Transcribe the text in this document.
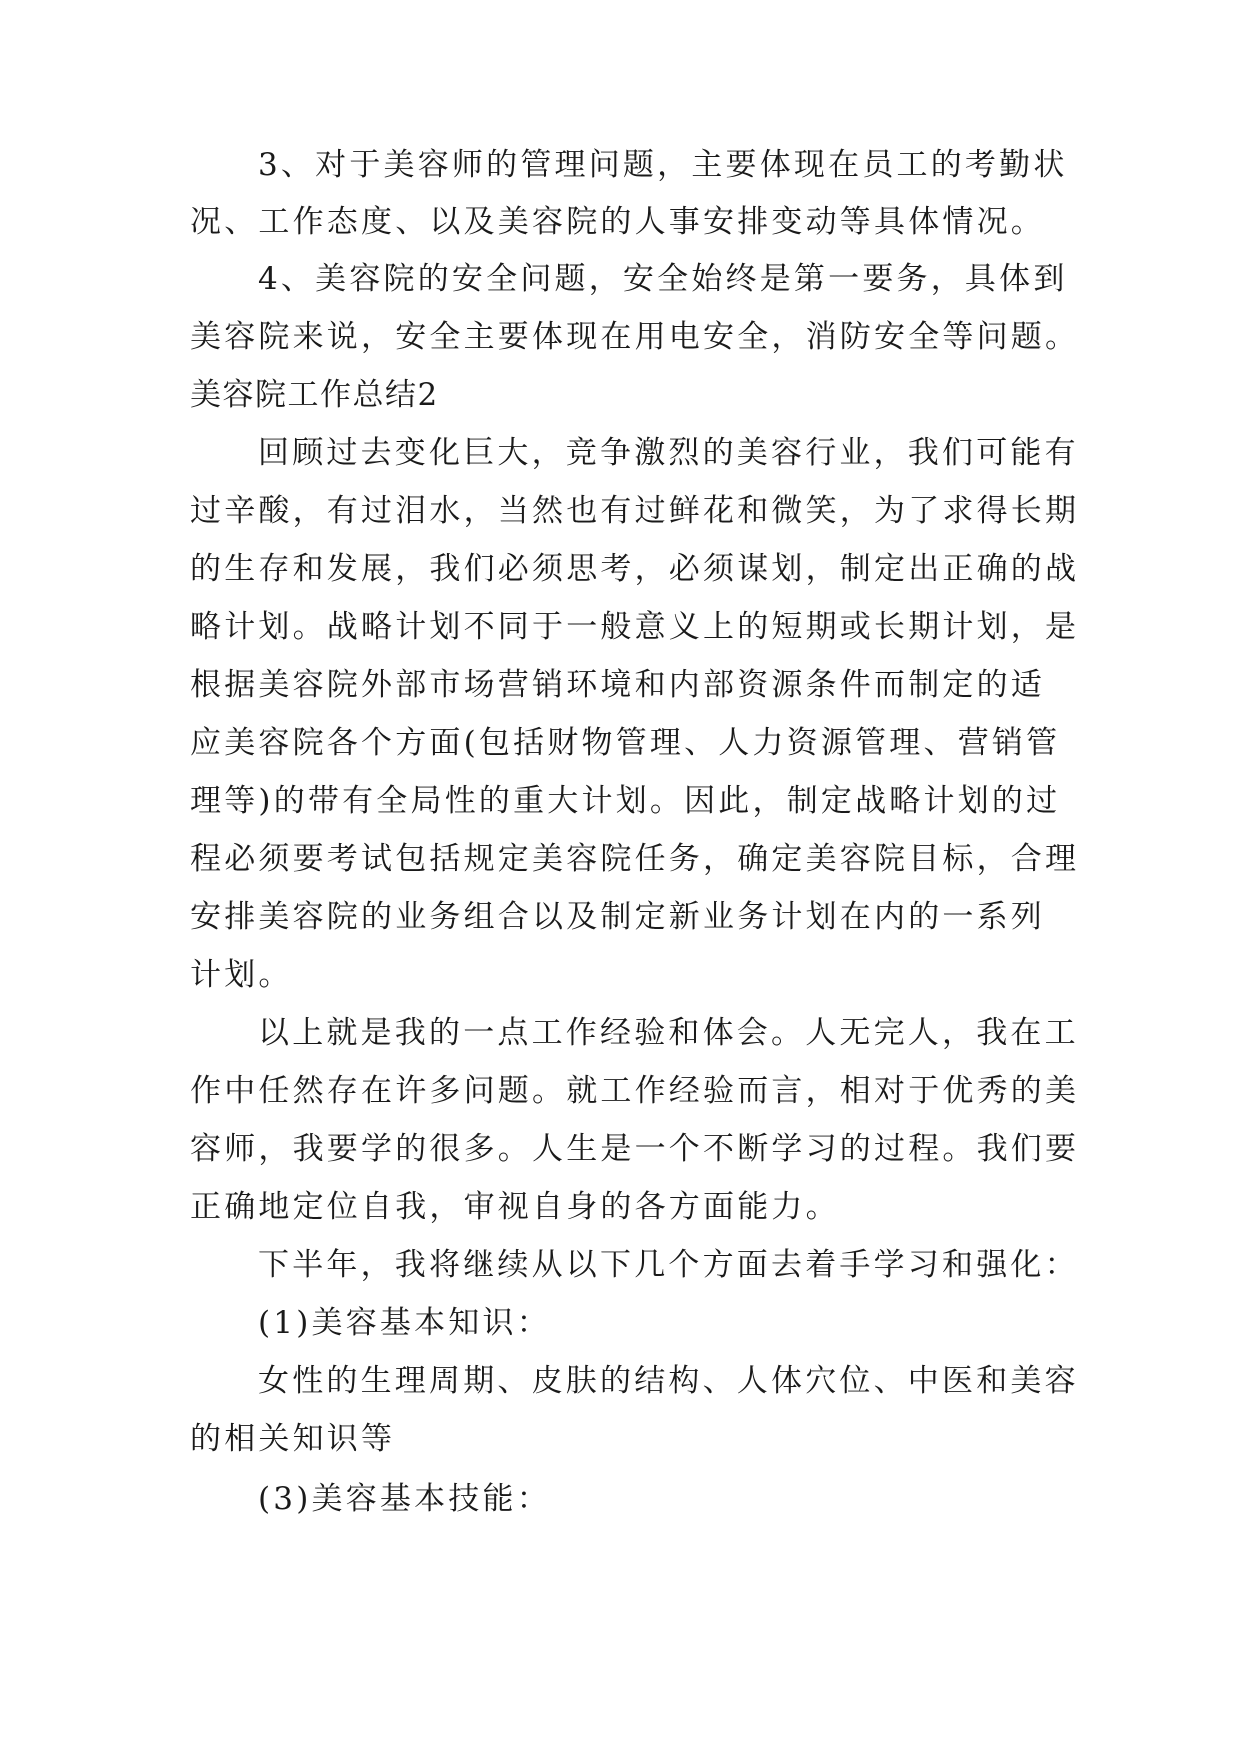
3、对于美容师的管理问题，主要体现在员工的考勤状
况、工作态度、以及美容院的人事安排变动等具体情况。
4、美容院的安全问题，安全始终是第一要务，具体到
美容院来说，安全主要体现在用电安全，消防安全等问题。
美容院工作总结2
回顾过去变化巨大，竞争激烈的美容行业，我们可能有
过辛酸，有过泪水，当然也有过鲜花和微笑，为了求得长期
的生存和发展，我们必须思考，必须谋划，制定出正确的战
略计划。战略计划不同于一般意义上的短期或长期计划，是
根据美容院外部市场营销环境和内部资源条件而制定的适
应美容院各个方面(包括财物管理、人力资源管理、营销管
理等)的带有全局性的重大计划。因此，制定战略计划的过
程必须要考试包括规定美容院任务，确定美容院目标，合理
安排美容院的业务组合以及制定新业务计划在内的一系列
计划。
以上就是我的一点工作经验和体会。人无完人，我在工
作中任然存在许多问题。就工作经验而言，相对于优秀的美
容师，我要学的很多。人生是一个不断学习的过程。我们要
正确地定位自我，审视自身的各方面能力。
下半年，我将继续从以下几个方面去着手学习和强化：
(1)美容基本知识：
女性的生理周期、皮肤的结构、人体穴位、中医和美容
的相关知识等
(3)美容基本技能：
